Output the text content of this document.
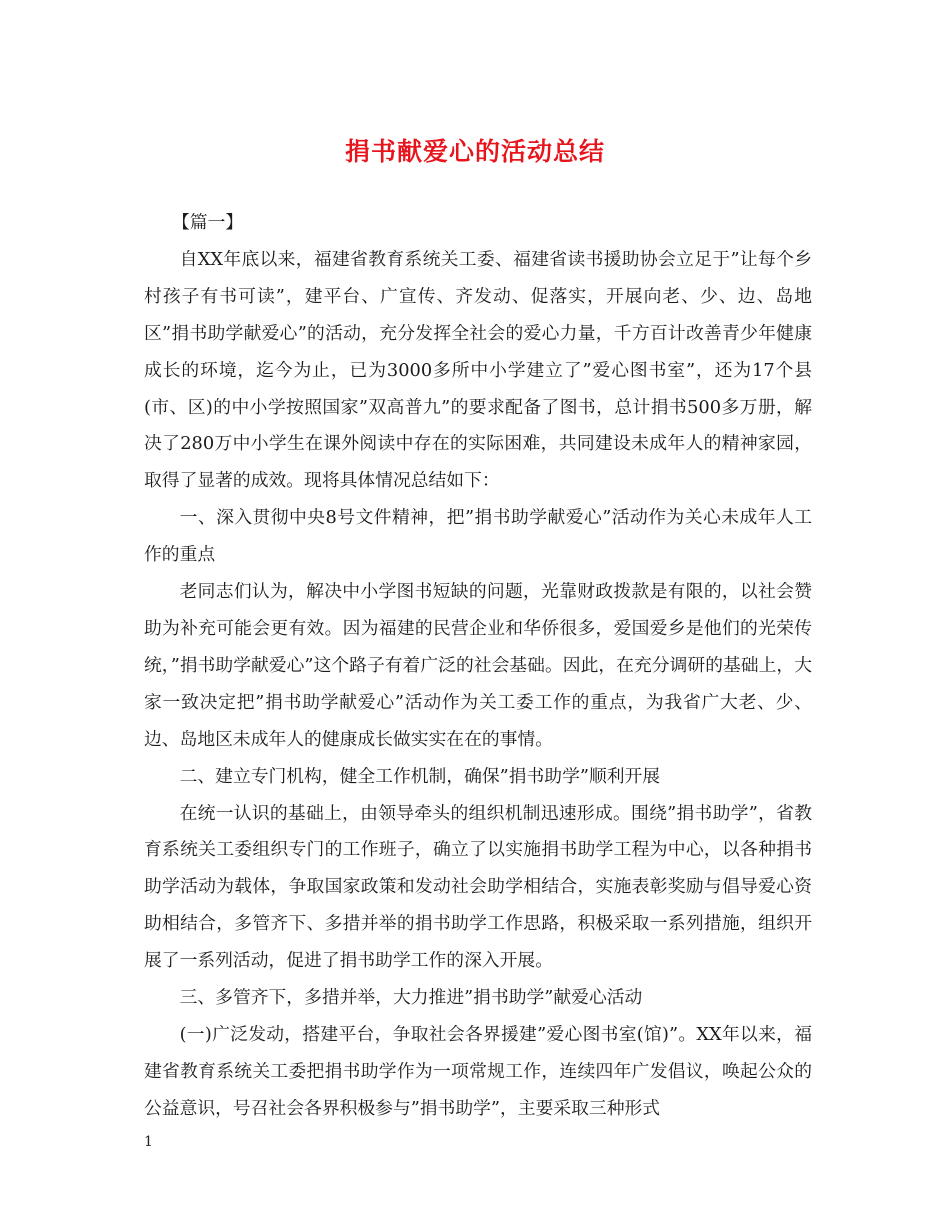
捐书献爱心的活动总结

【篇一】

自XX年底以来，福建省教育系统关工委、福建省读书援助协会立足于”让每个乡村孩子有书可读”，建平台、广宣传、齐发动、促落实，开展向老、少、边、岛地区”捐书助学献爱心”的活动，充分发挥全社会的爱心力量，千方百计改善青少年健康成长的环境，迄今为止，已为3000多所中小学建立了”爱心图书室”，还为17个县(市、区)的中小学按照国家”双高普九”的要求配备了图书，总计捐书500多万册，解决了280万中小学生在课外阅读中存在的实际困难，共同建设未成年人的精神家园，取得了显著的成效。现将具体情况总结如下：

一、深入贯彻中央8号文件精神，把”捐书助学献爱心”活动作为关心未成年人工作的重点

老同志们认为，解决中小学图书短缺的问题，光靠财政拨款是有限的，以社会赞助为补充可能会更有效。因为福建的民营企业和华侨很多，爱国爱乡是他们的光荣传统，”捐书助学献爱心”这个路子有着广泛的社会基础。因此，在充分调研的基础上，大家一致决定把”捐书助学献爱心”活动作为关工委工作的重点，为我省广大老、少、边、岛地区未成年人的健康成长做实实在在的事情。

二、建立专门机构，健全工作机制，确保”捐书助学”顺利开展

在统一认识的基础上，由领导牵头的组织机制迅速形成。围绕”捐书助学”，省教育系统关工委组织专门的工作班子，确立了以实施捐书助学工程为中心，以各种捐书助学活动为载体，争取国家政策和发动社会助学相结合，实施表彰奖励与倡导爱心资助相结合，多管齐下、多措并举的捐书助学工作思路，积极采取一系列措施，组织开展了一系列活动，促进了捐书助学工作的深入开展。

三、多管齐下，多措并举，大力推进”捐书助学”献爱心活动

(一)广泛发动，搭建平台，争取社会各界援建”爱心图书室(馆)”。XX年以来，福建省教育系统关工委把捐书助学作为一项常规工作，连续四年广发倡议，唤起公众的公益意识，号召社会各界积极参与”捐书助学”，主要采取三种形式

1
